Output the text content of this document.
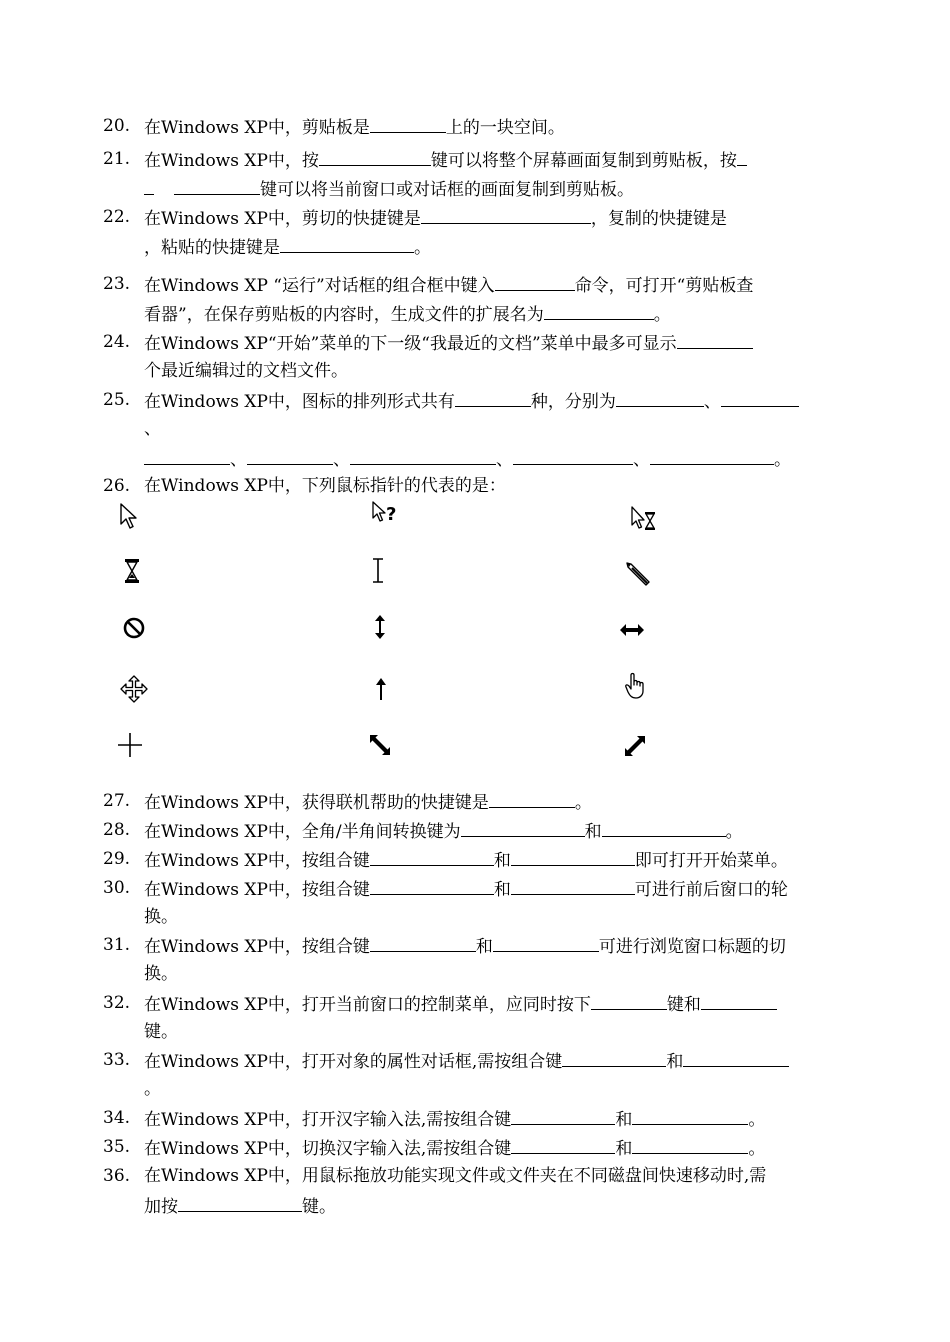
20. 在Windows XP中，剪贴板是	上的一块空间。
21. 在Windows XP中，按	键可以将整个屏幕画面复制到剪贴板，按
键可以将当前窗口或对话框的画面复制到剪贴板。
22. 在Windows XP中，剪切的快捷键是	，复制的快捷键是
，粘贴的快捷键是	。
23. 在Windows XP “运行”对话框的组合框中键入	命令，可打开“剪贴板查
看器”，在保存剪贴板的内容时，生成文件的扩展名为	。
24. 在Windows XP“开始”菜单的下一级“我最近的文档”菜单中最多可显示
个最近编辑过的文档文件。
25. 在Windows XP中，图标的排列形式共有	种，分别为	、
、
、	、	、	、	。
26. 在Windows XP中，下列鼠标指针的代表的是：
?
27. 在Windows XP中，获得联机帮助的快捷键是	。
28. 在Windows XP中，全角/半角间转换键为	和	。
29. 在Windows XP中，按组合键	和	即可打开开始菜单。
30. 在Windows XP中，按组合键	和	可进行前后窗口的轮
换。
31. 在Windows XP中，按组合键	和	可进行浏览窗口标题的切
换。
32. 在Windows XP中，打开当前窗口的控制菜单，应同时按下	键和
键。
33. 在Windows XP中，打开对象的属性对话框,需按组合键	和
。
34. 在Windows XP中，打开汉字输入法,需按组合键	和	。
35. 在Windows XP中，切换汉字输入法,需按组合键	和	。
36. 在Windows XP中，用鼠标拖放功能实现文件或文件夹在不同磁盘间快速移动时,需
加按	键。
